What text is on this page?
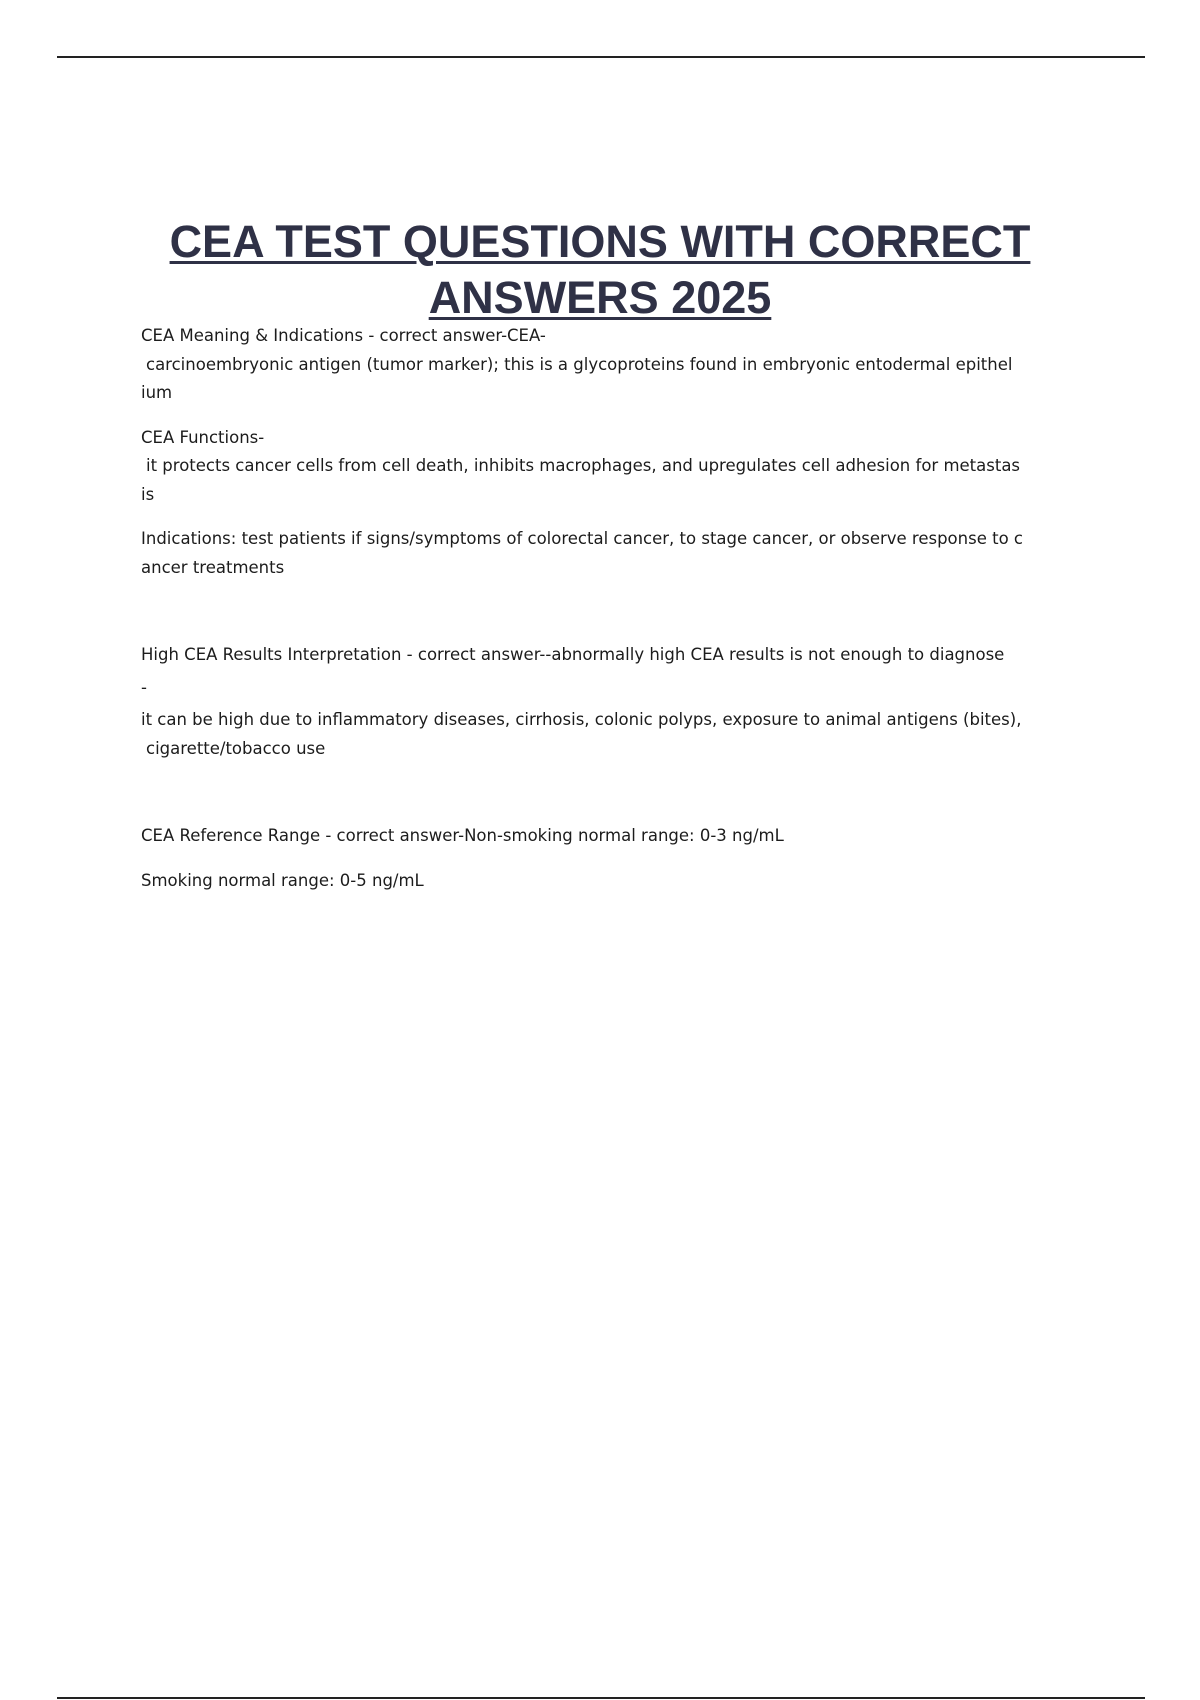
CEA TEST QUESTIONS WITH CORRECT
ANSWERS 2025

CEA Meaning & Indications - correct answer-CEA-

carcinoembryonic antigen (tumor marker); this is a glycoproteins found in embryonic entodermal epithel

ium

CEA Functions-

it protects cancer cells from cell death, inhibits macrophages, and upregulates cell adhesion for metastas

is

Indications: test patients if signs/symptoms of colorectal cancer, to stage cancer, or observe response to c

ancer treatments

High CEA Results Interpretation - correct answer--abnormally high CEA results is not enough to diagnose

-

it can be high due to inflammatory diseases, cirrhosis, colonic polyps, exposure to animal antigens (bites),

cigarette/tobacco use

CEA Reference Range - correct answer-Non-smoking normal range: 0-3 ng/mL

Smoking normal range: 0-5 ng/mL
